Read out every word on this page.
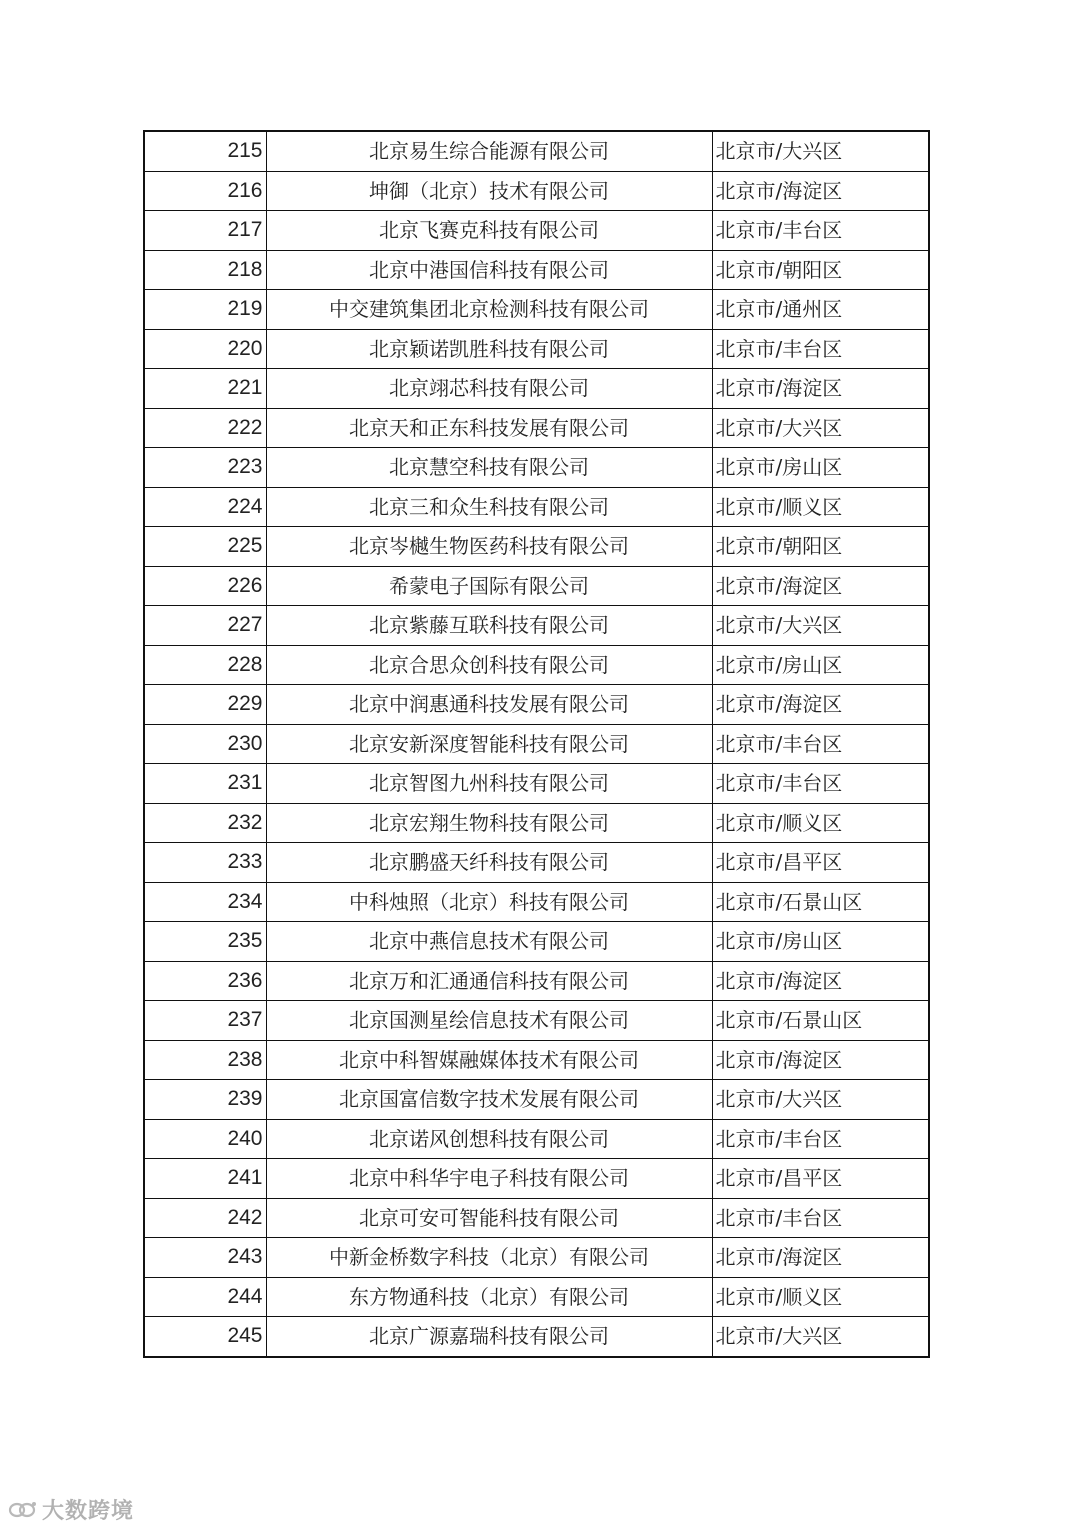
215	北京易生综合能源有限公司	北京市/大兴区
216	坤御（北京）技术有限公司	北京市/海淀区
217	北京飞赛克科技有限公司	北京市/丰台区
218	北京中港国信科技有限公司	北京市/朝阳区
219	中交建筑集团北京检测科技有限公司	北京市/通州区
220	北京颖诺凯胜科技有限公司	北京市/丰台区
221	北京翊芯科技有限公司	北京市/海淀区
222	北京天和正东科技发展有限公司	北京市/大兴区
223	北京慧空科技有限公司	北京市/房山区
224	北京三和众生科技有限公司	北京市/顺义区
225	北京岑樾生物医药科技有限公司	北京市/朝阳区
226	希蒙电子国际有限公司	北京市/海淀区
227	北京紫藤互联科技有限公司	北京市/大兴区
228	北京合思众创科技有限公司	北京市/房山区
229	北京中润惠通科技发展有限公司	北京市/海淀区
230	北京安新深度智能科技有限公司	北京市/丰台区
231	北京智图九州科技有限公司	北京市/丰台区
232	北京宏翔生物科技有限公司	北京市/顺义区
233	北京鹏盛天纤科技有限公司	北京市/昌平区
234	中科烛照（北京）科技有限公司	北京市/石景山区
235	北京中燕信息技术有限公司	北京市/房山区
236	北京万和汇通通信科技有限公司	北京市/海淀区
237	北京国测星绘信息技术有限公司	北京市/石景山区
238	北京中科智媒融媒体技术有限公司	北京市/海淀区
239	北京国富信数字技术发展有限公司	北京市/大兴区
240	北京诺风创想科技有限公司	北京市/丰台区
241	北京中科华宇电子科技有限公司	北京市/昌平区
242	北京可安可智能科技有限公司	北京市/丰台区
243	中新金桥数字科技（北京）有限公司	北京市/海淀区
244	东方物通科技（北京）有限公司	北京市/顺义区
245	北京广源嘉瑞科技有限公司	北京市/大兴区
大数跨境
